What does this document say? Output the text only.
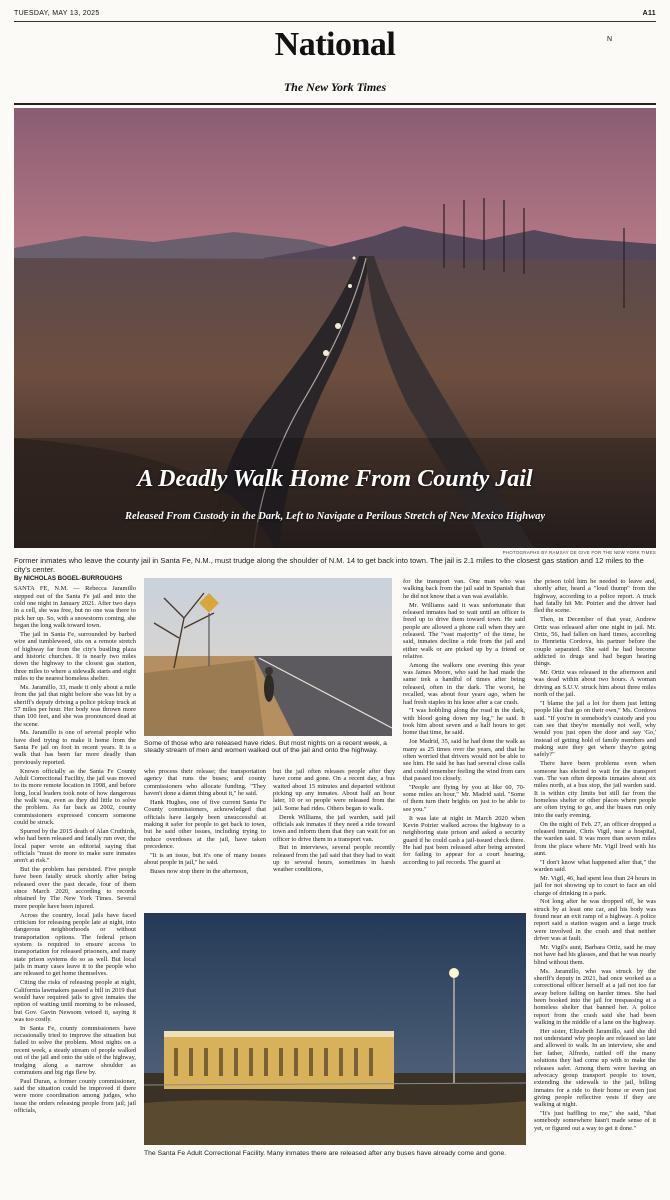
TUESDAY, MAY 13, 2025	A11
National	N
The New York Times
A Deadly Walk Home From County Jail
Released From Custody in the Dark, Left to Navigate a Perilous Stretch of New Mexico Highway
PHOTOGRAPHS BY RAMSAY DE GIVE FOR THE NEW YORK TIMES
Former inmates who leave the county jail in Santa Fe, N.M., must trudge along the shoulder of N.M. 14 to get back into town. The jail is 2.1 miles to the closest gas station and 12 miles to the city's center.
By NICHOLAS BOGEL-BURROUGHS

SANTA FE, N.M. — Rebecca Jaramillo stepped out of the Santa Fe jail and into the cold one night in January 2021. After two days in a cell, she was free, but no one was there to pick her up. So, with a snowstorm coming, she began the long walk toward town.

The jail in Santa Fe, surrounded by barbed wire and tumbleweed, sits on a remote stretch of highway far from the city's bustling plaza and historic churches. It is nearly two miles down the highway to the closest gas station, three miles to where a sidewalk starts and eight miles to the nearest homeless shelter.

Ms. Jaramillo, 33, made it only about a mile from the jail that night before she was hit by a sheriff's deputy driving a police pickup truck at 57 miles per hour. Her body was thrown more than 100 feet, and she was pronounced dead at the scene.

Ms. Jaramillo is one of several people who have died trying to make it home from the Santa Fe jail on foot in recent years. It is a walk that has been far more deadly than previously reported.

Known officially as the Santa Fe County Adult Correctional Facility, the jail was moved to its more remote location in 1998, and before long, local leaders took note of how dangerous the walk was, even as they did little to solve the problem. As far back as 2002, county commissioners expressed concern someone could be struck.

Spurred by the 2015 death of Alan Cruthirds, who had been released and fatally run over, the local paper wrote an editorial saying that officials "must do more to make sure inmates aren't at risk."

But the problem has persisted. Five people have been fatally struck shortly after being released over the past decade, four of them since March 2020, according to records obtained by The New York Times. Several more people have been injured.

Across the country, local jails have faced criticism for releasing people late at night, into dangerous neighborhoods or without transportation options. The federal prison system is required to ensure access to transportation for released prisoners, and many state prison systems do so as well. But local jails in many cases leave it to the people who are released to get home themselves.

Citing the risks of releasing people at night, California lawmakers passed a bill in 2019 that would have required jails to give inmates the option of waiting until morning to be released, but Gov. Gavin Newsom vetoed it, saying it was too costly.

In Santa Fe, county commissioners have occasionally tried to improve the situation but failed to solve the problem. Most nights on a recent week, a steady stream of people walked out of the jail and onto the side of the highway, trudging along a narrow shoulder as commuters and big rigs flew by.

Paul Duran, a former county commissioner, said the situation could be improved if there were more coordination among judges, who issue the orders releasing people from jail; jail officials,

Some of those who are released have rides. But most nights on a recent week, a steady stream of men and women walked out of the jail and onto the highway.

who process their release; the transportation agency that runs the buses; and county commissioners who allocate funding. "They haven't done a damn thing about it," he said.

Hank Hughes, one of five current Santa Fe County commissioners, acknowledged that officials have largely been unsuccessful at making it safer for people to get back to town, but he said other issues, including trying to reduce overdoses at the jail, have taken precedence.

"It is an issue, but it's one of many issues about people in jail," he said.

Buses now stop there in the afternoon,

but the jail often releases people after they have come and gone. On a recent day, a bus waited about 15 minutes and departed without picking up any inmates. About half an hour later, 10 or so people were released from the jail. Some had rides. Others began to walk.

Derek Williams, the jail warden, said jail officials ask inmates if they need a ride toward town and inform them that they can wait for an officer to drive them in a transport van.

But in interviews, several people recently released from the jail said that they had to wait up to several hours, sometimes in harsh weather conditions,

The Santa Fe Adult Correctional Facility. Many inmates there are released after any buses have already come and gone.

for the transport van. One man who was walking back from the jail said in Spanish that he did not know that a van was available.

Mr. Williams said it was unfortunate that released inmates had to wait until an officer is freed up to drive them toward town. He said people are allowed a phone call when they are released. The "vast majority" of the time, he said, inmates decline a ride from the jail and either walk or are picked up by a friend or relative.

Among the walkers one evening this year was James Moore, who said he had made the same trek a handful of times after being released, often in the dark. The worst, he recalled, was about four years ago, when he had fresh staples in his knee after a car crash.

"I was hobbling along the road in the dark, with blood going down my leg," he said. It took him about seven and a half hours to get home that time, he said.

Joe Madrid, 35, said he had done the walk as many as 25 times over the years, and that he often worried that drivers would not be able to see him. He said he has had several close calls and could remember feeling the wind from cars that passed too closely.

"People are flying by you at like 60, 70-some miles an hour," Mr. Madrid said. "Some of them turn their brights on just to be able to see you."

It was late at night in March 2020 when Kevin Poirier walked across the highway to a neighboring state prison and asked a security guard if he could cash a jail-issued check there. He had just been released after being arrested for failing to appear for a court hearing, according to jail records. The guard at

the prison told him he needed to leave and, shortly after, heard a "loud thump" from the highway, according to a police report. A truck had fatally hit Mr. Poirier and the driver had fled the scene.

Then, in December of that year, Andrew Ortiz was released after one night in jail. Mr. Ortiz, 56, had fallen on hard times, according to Henrietta Cordova, his partner before the couple separated. She said he had become addicted to drugs and had begun hearing things.

Mr. Ortiz was released in the afternoon and was dead within about two hours. A woman driving an S.U.V. struck him about three miles north of the jail.

"I blame the jail a lot for them just letting people like that go on their own," Ms. Cordova said. "If you're in somebody's custody and you can see that they're mentally not well, why would you just open the door and say 'Go,' instead of getting hold of family members and making sure they get where they're going safely?"

There have been problems even when someone has elected to wait for the transport van. The van often deposits inmates about six miles north, at a bus stop, the jail warden said. It is within city limits but still far from the homeless shelter or other places where people are often trying to go, and the buses run only into the early evening.

On the night of Feb. 27, an officer dropped a released inmate, Chris Vigil, near a hospital, the warden said. It was more than seven miles from the place where Mr. Vigil lived with his aunt.

"I don't know what happened after that," the warden said.

Mr. Vigil, 46, had spent less than 24 hours in jail for not showing up to court to face an old charge of drinking in a park.

Not long after he was dropped off, he was struck by at least one car, and his body was found near an exit ramp of a highway. A police report said a station wagon and a large truck were involved in the crash and that neither driver was at fault.

Mr. Vigil's aunt, Barbara Ortiz, said he may not have had his glasses, and that he was nearly blind without them.

Ms. Jaramillo, who was struck by the sheriff's deputy in 2021, had once worked as a correctional officer herself at a jail not too far away before falling on harder times. She had been booked into the jail for trespassing at a homeless shelter that banned her. A police report from the crash said she had been walking in the middle of a lane on the highway.

Her sister, Elizabeth Jaramillo, said she did not understand why people are released so late and allowed to walk. In an interview, she and her father, Alfredo, rattled off the many solutions they had come up with to make the releases safer. Among them were having an advocacy group transport people to town, extending the sidewalk to the jail, billing inmates for a ride to their home or even just giving people reflective vests if they are walking at night.

"It's just baffling to me," she said, "that somebody somewhere hasn't made sense of it yet, or figured out a way to get it done."
